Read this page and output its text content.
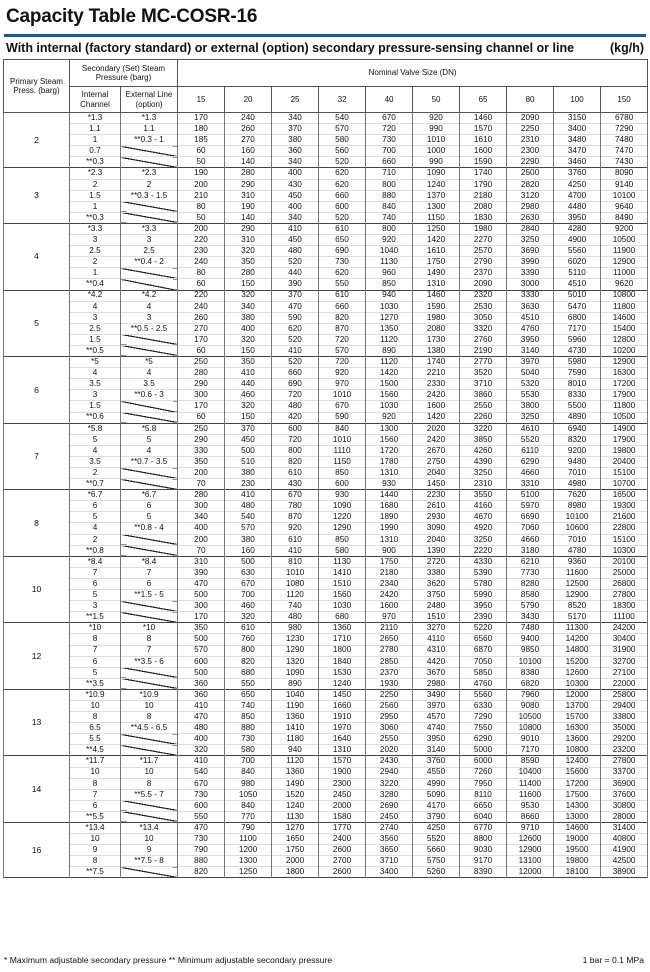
Capacity Table MC-COSR-16
With internal (factory standard) or external (option) secondary pressure-sensing channel or line	(kg/h)
Primary Steam Press. (barg)	Secondary (Set) Steam Pressure (barg)		Nominal Valve Size (DN)									
	Internal Channel	External Line (option)	15	20	25	32	40	50	65	80	100	150
2	*1.3	*1.3	170	240	340	540	670	920	1460	2090	3150	6780
	1.1	1.1	180	260	370	570	720	990	1570	2250	3400	7290
	1	**0.3 - 1	185	270	380	580	730	1010	1610	2310	3480	7480
	0.7		60	160	360	560	700	1000	1600	2300	3470	7470
	**0.3		50	140	340	520	660	990	1590	2290	3460	7430
3	*2.3	*2.3	190	280	400	620	710	1090	1740	2500	3760	8090
	2	2	200	290	430	620	800	1240	1790	2820	4250	9140
	1.5	**0.3 - 1.5	210	310	450	660	880	1370	2180	3120	4700	10100
	1		80	190	400	600	840	1300	2080	2980	4480	9640
	**0.3		50	140	340	520	740	1150	1830	2630	3950	8490
4	*3.3	*3.3	200	290	410	610	800	1250	1980	2840	4280	9200
	3	3	220	310	450	650	920	1420	2270	3250	4900	10500
	2.5	2.5	230	320	480	690	1040	1610	2570	3690	5560	11900
	2	**0.4 - 2	240	350	520	730	1130	1750	2790	3990	6020	12900
	1		80	280	440	620	960	1490	2370	3390	5110	11000
	**0.4		60	150	390	550	850	1310	2090	3000	4510	9620
5	*4.2	*4.2	220	320	370	610	940	1460	2320	3330	5010	10800
	4	4	240	340	470	660	1030	1590	2530	3630	5470	11800
	3	3	260	380	590	820	1270	1980	3050	4510	6800	14600
	2.5	**0.5 - 2.5	270	400	620	870	1350	2080	3320	4760	7170	15400
	1.5		170	320	520	720	1120	1730	2760	3950	5960	12800
	**0.5		60	150	410	570	890	1380	2190	3140	4730	10200
6	*5	*5	250	350	520	720	1120	1740	2770	3970	5980	12900
	4	4	280	410	660	920	1420	2210	3520	5040	7590	16300
	3.5	3.5	290	440	690	970	1500	2330	3710	5320	8010	17200
	3	**0.6 - 3	300	460	720	1010	1560	2420	3860	5530	8330	17900
	1.5		170	320	480	670	1030	1600	2550	3800	5500	11800
	**0.6		60	150	420	590	920	1420	2260	3250	4890	10500
7	*5.8	*5.8	250	370	600	840	1300	2020	3220	4610	6940	14900
	5	5	290	450	720	1010	1560	2420	3850	5520	8320	17900
	4	4	330	500	800	1110	1720	2670	4260	6110	9200	19800
	3.5	**0.7 - 3.5	350	510	820	1150	1780	2750	4390	6290	9480	20400
	2		200	380	610	850	1310	2040	3250	4660	7010	15100
	**0.7		70	230	430	600	930	1450	2310	3310	4980	10700
8	*6.7	*6.7	280	410	670	930	1440	2230	3550	5100	7620	16500
	6	6	300	480	780	1090	1680	2610	4160	5970	8980	19300
	5	5	340	540	870	1220	1890	2930	4670	6690	10100	21600
	4	**0.8 - 4	400	570	920	1290	1990	3090	4920	7060	10600	22800
	2		200	380	610	850	1310	2040	3250	4660	7010	15100
	**0.8		70	160	410	580	900	1390	2220	3180	4780	10300
10	*8.4	*8.4	310	500	810	1130	1750	2720	4330	6210	9360	20100
	7	7	390	630	1010	1410	2180	3380	5390	7730	11600	25000
	6	6	470	670	1080	1510	2340	3620	5780	8280	12500	26800
	5	**1.5 - 5	500	700	1120	1560	2420	3750	5990	8580	12900	27800
	3		300	460	740	1030	1600	2480	3950	5790	8520	18300
	**1.5		170	320	480	680	970	1510	2390	3430	5170	11100
12	*10	*10	350	610	980	1360	2110	3270	5220	7480	11300	24200
	8	8	500	760	1230	1710	2650	4110	6560	9400	14200	30400
	7	7	570	800	1290	1800	2780	4310	6870	9850	14800	31900
	6	**3.5 - 6	600	820	1320	1840	2850	4420	7050	10100	15200	32700
	5		500	680	1090	1530	2370	3670	5850	8380	12600	27100
	**3.5		360	550	890	1240	1930	2980	4760	6820	10300	22000
13	*10.9	*10.9	360	650	1040	1450	2250	3490	5560	7960	12000	25800
	10	10	410	740	1190	1660	2560	3970	6330	9080	13700	29400
	8	8	470	850	1360	1910	2950	4570	7290	10500	15700	33800
	6.5	**4.5 - 6.5	480	880	1410	1970	3060	4740	7550	10800	16300	35000
	5.5		400	730	1180	1640	2550	3950	6290	9010	13600	29200
	**4.5		320	580	940	1310	2020	3140	5000	7170	10800	23200
14	*11.7	*11.7	410	700	1120	1570	2430	3760	6000	8590	12400	27800
	10	10	540	840	1360	1900	2940	4550	7260	10400	15600	33700
	8	8	670	980	1490	2300	3220	4990	7950	11400	17200	36900
	7	**5.5 - 7	730	1050	1520	2450	3280	5090	8110	11600	17500	37600
	6		600	840	1240	2000	2690	4170	6650	9530	14300	30800
	**5.5		550	770	1130	1580	2450	3790	6040	8660	13000	28000
16	*13.4	*13.4	470	790	1270	1770	2740	4250	6770	9710	14600	31400
	10	10	730	1100	1650	2400	3560	5520	8800	12600	19000	40800
	9	9	790	1200	1750	2600	3650	5660	9030	12900	19500	41900
	8	**7.5 - 8	880	1300	2000	2700	3710	5750	9170	13100	19800	42500
	**7.5		820	1250	1800	2600	3400	5260	8390	12000	18100	38900
* Maximum adjustable secondary pressure ** Minimum adjustable secondary pressure	1 bar = 0.1 MPa
